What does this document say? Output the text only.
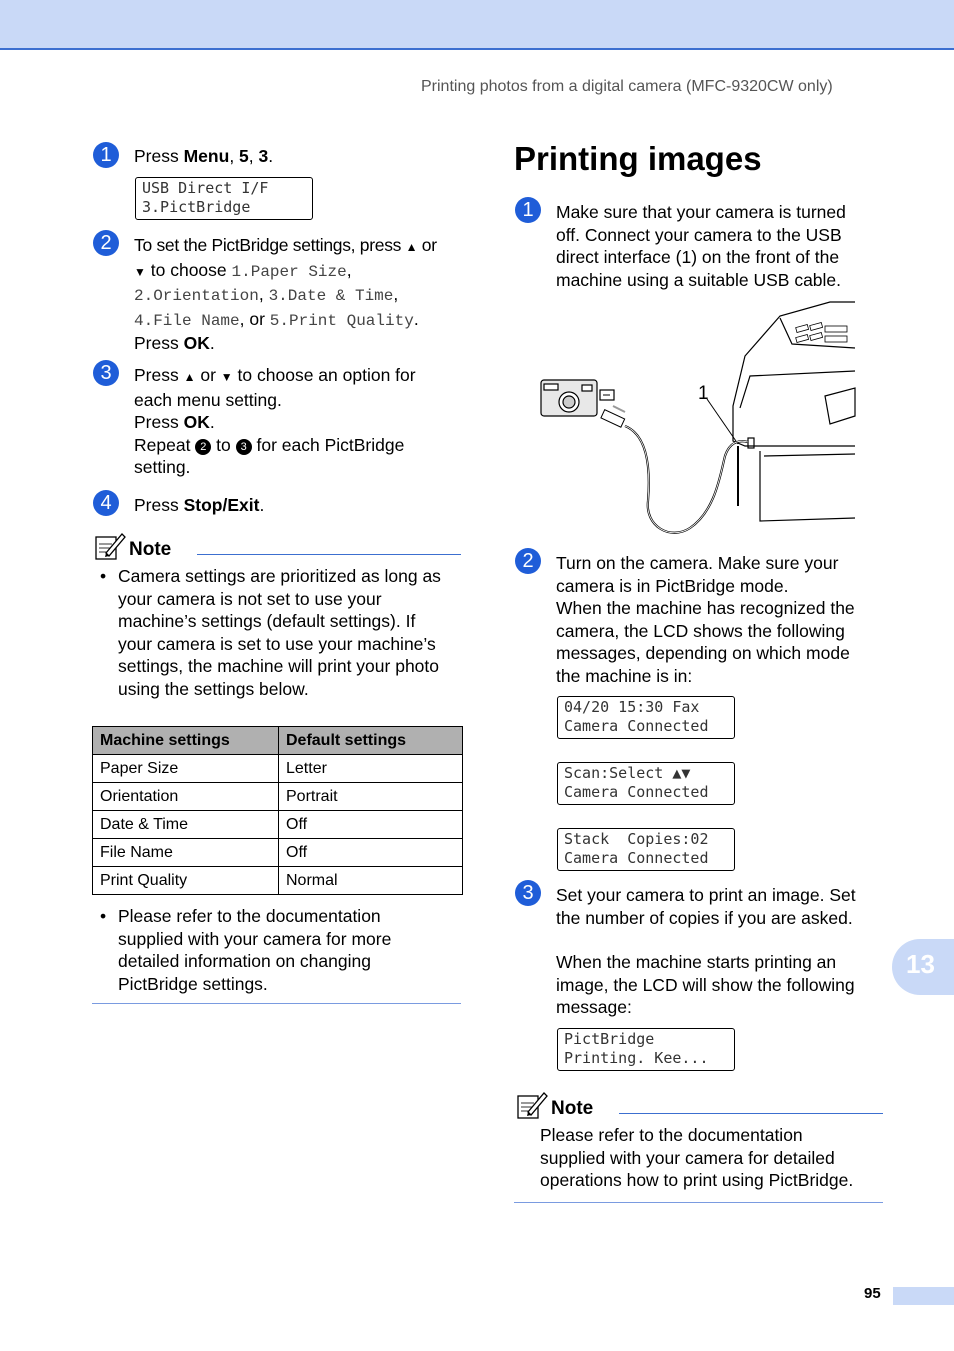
Printing photos from a digital camera (MFC-9320CW only)
1	Press Menu, 5, 3.
USB Direct I/F
3.PictBridge
2	To set the PictBridge settings, press ▲ or
▼ to choose 1.Paper Size,
2.Orientation, 3.Date & Time,
4.File Name, or 5.Print Quality.
Press OK.
3	Press ▲ or ▼ to choose an option for
each menu setting.
Press OK.
Repeat 2 to 3 for each PictBridge
setting.
4	Press Stop/Exit.
Note
• Camera settings are prioritized as long as
your camera is not set to use your
machine’s settings (default settings). If
your camera is set to use your machine’s
settings, the machine will print your photo
using the settings below.
Machine settings	Default settings
Paper Size	Letter
Orientation	Portrait
Date & Time	Off
File Name	Off
Print Quality	Normal
• Please refer to the documentation
supplied with your camera for more
detailed information on changing
PictBridge settings.
Printing images
1	Make sure that your camera is turned
off. Connect your camera to the USB
direct interface (1) on the front of the
machine using a suitable USB cable.
1
2	Turn on the camera. Make sure your
camera is in PictBridge mode.
When the machine has recognized the
camera, the LCD shows the following
messages, depending on which mode
the machine is in:
04/20 15:30 Fax
Camera Connected
Scan:Select ▲▼
Camera Connected
Stack  Copies:02
Camera Connected
3	Set your camera to print an image. Set
the number of copies if you are asked.
When the machine starts printing an
image, the LCD will show the following
message:
PictBridge
Printing. Kee...
Note
Please refer to the documentation
supplied with your camera for detailed
operations how to print using PictBridge.
13
95
